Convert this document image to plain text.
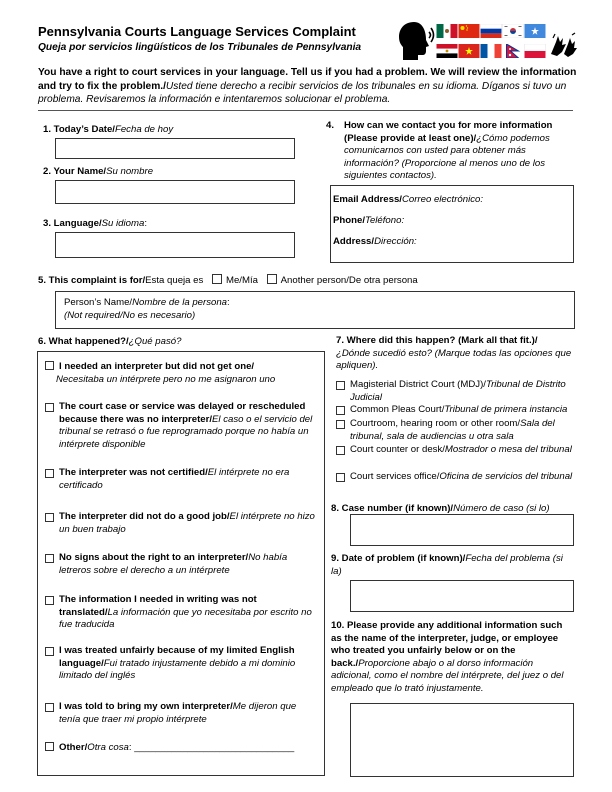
Pennsylvania Courts Language Services Complaint
Queja por servicios lingüísticos de los Tribunales de Pennsylvania
You have a right to court services in your language. Tell us if you had a problem. We will review the information and try to fix the problem./Usted tiene derecho a recibir servicios de los tribunales en su idioma. Díganos si tuvo un problema. Revisaremos la información e intentaremos solucionar el problema.
1. Today’s Date/Fecha de hoy
2. Your Name/Su nombre
3. Language/Su idioma:
4. How can we contact you for more information (Please provide at least one)/¿Cómo podemos comunicarnos con usted para obtener más información? (Proporcione al menos uno de los siguientes contactos).
Email Address/Correo electrónico:
Phone/Teléfono:
Address/Dirección:
5. This complaint is for/Esta queja es Me/Mía Another person/De otra persona
Person’s Name/Nombre de la persona:
(Not required/No es necesario)
6. What happened?/¿Qué pasó?
I needed an interpreter but did not get one/
Necesitaba un intérprete pero no me asignaron uno
The court case or service was delayed or rescheduled because there was no interpreter/El caso o el servicio del tribunal se retrasó o fue reprogramado porque no había un intérprete disponible
The interpreter was not certified/El intérprete no era certificado
The interpreter did not do a good job/El intérprete no hizo un buen trabajo
No signs about the right to an interpreter/No había letreros sobre el derecho a un intérprete
The information I needed in writing was not translated/La información que yo necesitaba por escrito no fue traducida
I was treated unfairly because of my limited English language/Fui tratado injustamente debido a mi dominio limitado del inglés
I was told to bring my own interpreter/Me dijeron que tenía que traer mi propio intérprete
Other/Otra cosa: ______________________________
7. Where did this happen? (Mark all that fit.)/
¿Dónde sucedió esto? (Marque todas las opciones que apliquen).
Magisterial District Court (MDJ)/Tribunal de Distrito Judicial
Common Pleas Court/Tribunal de primera instancia
Courtroom, hearing room or other room/Sala del tribunal, sala de audiencias u otra sala
Court counter or desk/Mostrador o mesa del tribunal
Court services office/Oficina de servicios del tribunal
8. Case number (if known)/Número de caso (si lo)
9. Date of problem (if known)/Fecha del problema (si la)
10. Please provide any additional information such as the name of the interpreter, judge, or employee who treated you unfairly below or on the back./Proporcione abajo o al dorso información adicional, como el nombre del intérprete, del juez o del empleado que lo trató injustamente.
